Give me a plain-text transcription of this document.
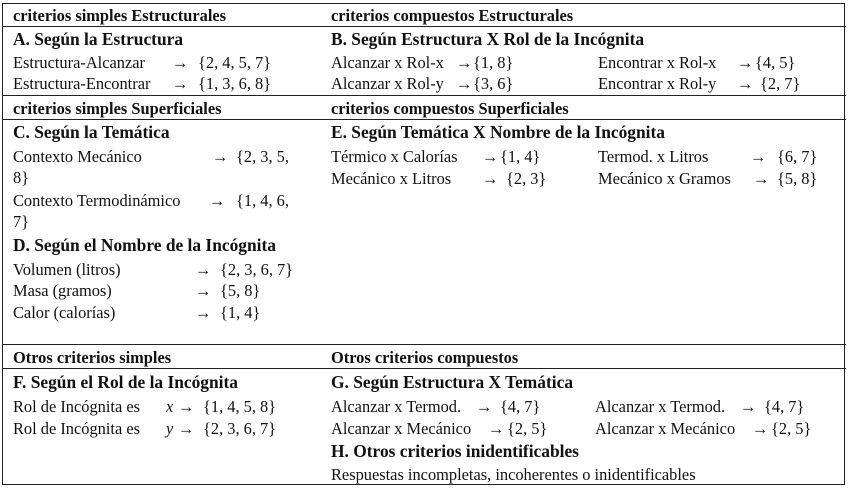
criterios simples Estructurales	criterios compuestos Estructurales
A. Según la Estructura
Estructura-Alcanzar → {2, 4, 5, 7}
Estructura-Encontrar → {1, 3, 6, 8}
B. Según Estructura X Rol de la Incógnita
Alcanzar x Rol-x → {1, 8}	Encontrar x Rol-x → {4, 5}
Alcanzar x Rol-y → {3, 6}	Encontrar x Rol-y → {2, 7}
criterios simples Superficiales	criterios compuestos Superficiales
C. Según la Temática
Contexto Mecánico	→ {2, 3, 5,
8}
Contexto Termodinámico → {1, 4, 6,
7}
D. Según el Nombre de la Incógnita
Volumen (litros)	→ {2, 3, 6, 7}
Masa (gramos)	→ {5, 8}
Calor (calorías)	→ {1, 4}
E. Según Temática X Nombre de la Incógnita
Térmico x Calorías → {1, 4}	Termod. x Litros	→ {6, 7}
Mecánico x Litros → {2, 3}	Mecánico x Gramos → {5, 8}
Otros criterios simples	Otros criterios compuestos
F. Según el Rol de la Incógnita
Rol de Incógnita es x → {1, 4, 5, 8}
Rol de Incógnita es y → {2, 3, 6, 7}
G. Según Estructura X Temática
Alcanzar x Termod. → {4, 7}	Alcanzar x Termod. → {4, 7}
Alcanzar x Mecánico → {2, 5}	Alcanzar x Mecánico → {2, 5}
H. Otros criterios inidentificables
Respuestas incompletas, incoherentes o inidentificables
